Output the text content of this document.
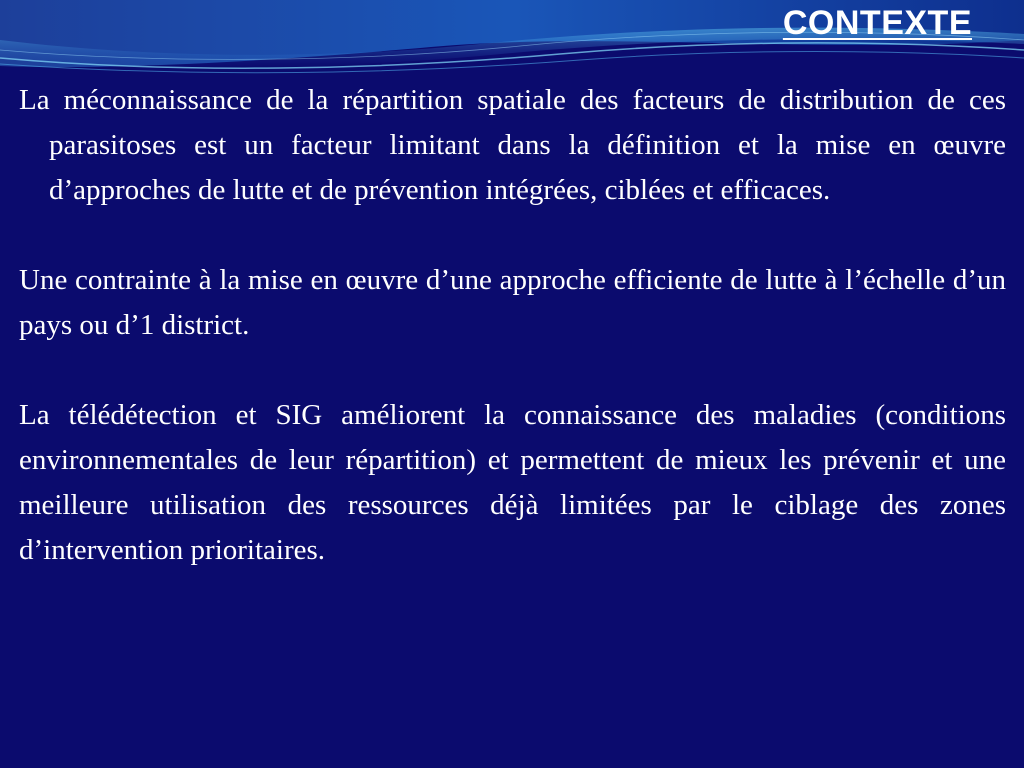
CONTEXTE

La méconnaissance de la répartition spatiale des facteurs de distribution de ces parasitoses est un facteur limitant dans la définition et la mise en œuvre d’approches de lutte et de prévention intégrées, ciblées et efficaces.

Une contrainte à la mise en œuvre d’une approche efficiente de lutte à l’échelle d’un pays ou d’1 district.

La télédétection et SIG améliorent la connaissance des maladies (conditions environnementales de leur répartition) et permettent de mieux les prévenir et une meilleure utilisation des ressources déjà limitées par le ciblage des zones d’intervention prioritaires.
